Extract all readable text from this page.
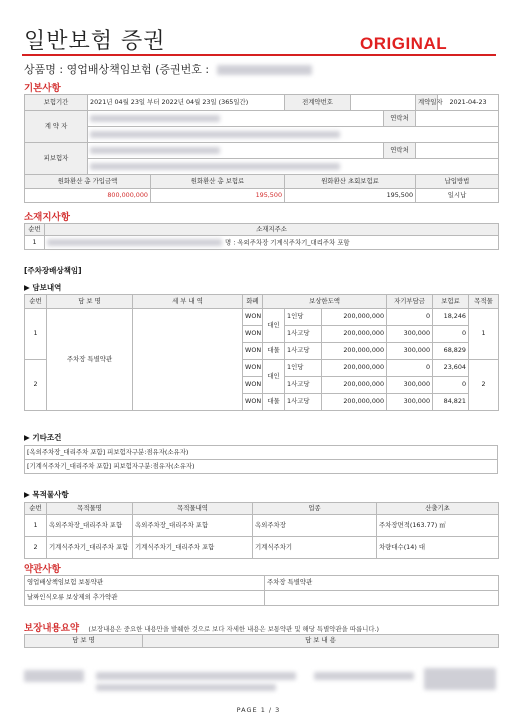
일반보험 증권	ORIGINAL
상품명 : 영업배상책임보험 (증권번호 :
기본사항
보험기간	2021년 04월 23일 부터 2022년 04월 23일 (365일간)		전계약번호			계약일자	2021-04-23
계 약 자					연락처		

피보험자					연락처		

원화환산 총 가입금액		원화환산 총 보험료	원화환산 초회보험료			납입방법	
800,000,000		195,500	195,500			일시납	
소재지사항
순번	소재지주소
1	명 : 옥외주차장 기계식주차기_대리주차 포함
[주차장배상책임]
▶ 담보내역
순번	담 보 명	세 부 내 역	화폐	보상한도액			자기부담금	보험료	목적물
1	주차장 특별약관		WON	대인	1인당	200,000,000	0	18,246	1
			WON		1사고당	200,000,000	300,000	0	
			WON	대물	1사고당	200,000,000	300,000	68,829	
2			WON	대인	1인당	200,000,000	0	23,604	2
			WON		1사고당	200,000,000	300,000	0	
			WON	대물	1사고당	200,000,000	300,000	84,821	
▶ 기타조건
[옥외주차장_대리주차 포함] 피보험자구분:점유자(소유자)
[기계식주차기_대리주차 포함] 피보험자구분:점유자(소유자)
▶ 목적물사항
순번	목적물명	목적물내역	업종	산출기초
1	옥외주차장_대리주차 포함	옥외주차장_대리주차 포함	옥외주차장	주차장면적(163.77) ㎡
2	기계식주차기_대리주차 포함	기계식주차기_대리주차 포함	기계식주차기	차량대수(14) 대
약관사항
영업배상책임보험 보통약관	주차장 특별약관
날짜인식오류 보상제외 추가약관	
보장내용요약 (보장내용은 중요한 내용만을 발췌한 것으로 보다 자세한 내용은 보통약관 및 해당 특별약관을 따릅니다.)
담 보 명	담 보 내 용
PAGE 1 / 3
